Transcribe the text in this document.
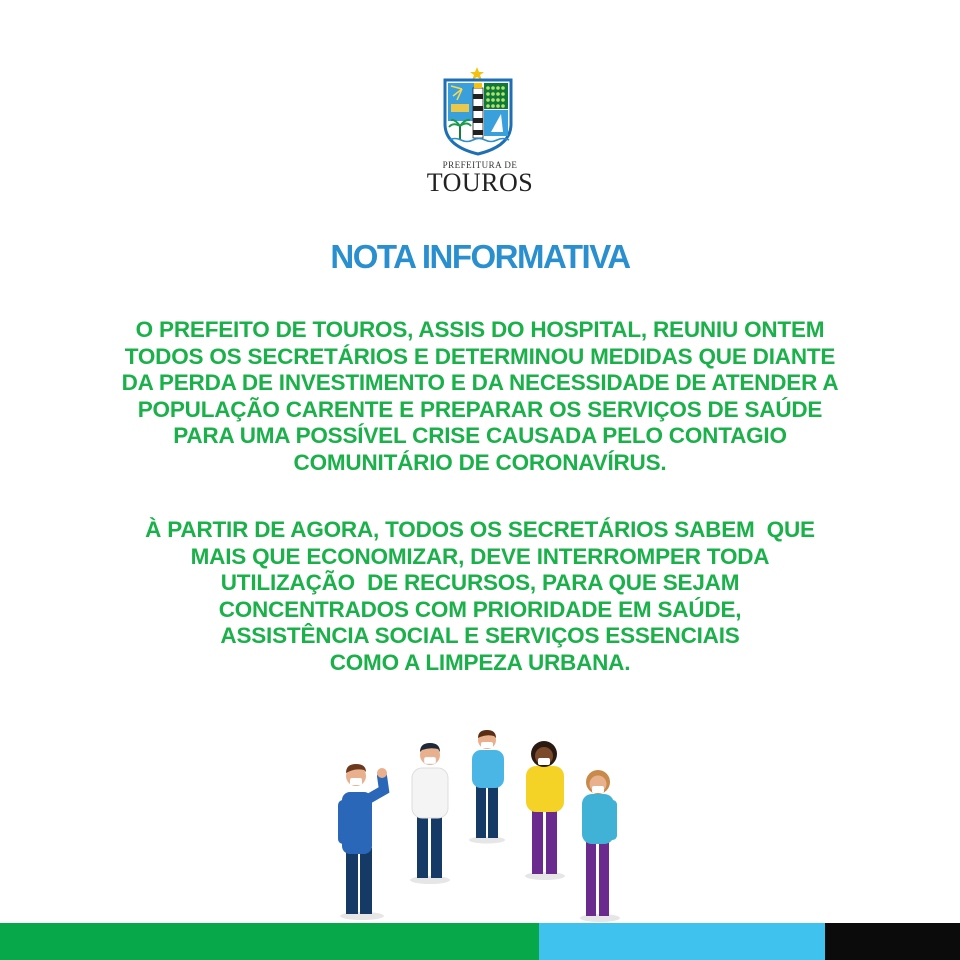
PREFEITURA DE
TOUROS
NOTA INFORMATIVA
O PREFEITO DE TOUROS, ASSIS DO HOSPITAL, REUNIU ONTEM
TODOS OS SECRETÁRIOS E DETERMINOU MEDIDAS QUE DIANTE
DA PERDA DE INVESTIMENTO E DA NECESSIDADE DE ATENDER A
POPULAÇÃO CARENTE E PREPARAR OS SERVIÇOS DE SAÚDE
PARA UMA POSSÍVEL CRISE CAUSADA PELO CONTAGIO
COMUNITÁRIO DE CORONAVÍRUS.
À PARTIR DE AGORA, TODOS OS SECRETÁRIOS SABEM  QUE
MAIS QUE ECONOMIZAR, DEVE INTERROMPER TODA
UTILIZAÇÃO  DE RECURSOS, PARA QUE SEJAM
CONCENTRADOS COM PRIORIDADE EM SAÚDE,
ASSISTÊNCIA SOCIAL E SERVIÇOS ESSENCIAIS
COMO A LIMPEZA URBANA.
